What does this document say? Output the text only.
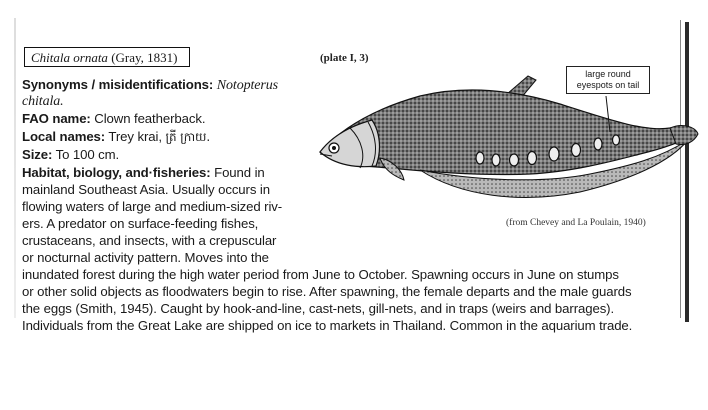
Chitala ornata (Gray, 1831)	(plate I, 3)
large round
eyespots on tail
(from Chevey and La Poulain, 1940)
Synonyms / misidentifications: Notopterus
chitala.
FAO name: Clown featherback.
Local names: Trey krai, ត្រី ក្រាយ.
Size: To 100 cm.
Habitat, biology, and·fisheries: Found in
mainland Southeast Asia. Usually occurs in
flowing waters of large and medium-sized riv-
ers. A predator on surface-feeding fishes,
crustaceans, and insects, with a crepuscular
or nocturnal activity pattern. Moves into the
inundated forest during the high water period from June to October. Spawning occurs in June on stumps
or other solid objects as floodwaters begin to rise. After spawning, the female departs and the male guards
the eggs (Smith, 1945). Caught by hook-and-line, cast-nets, gill-nets, and in traps (weirs and barrages).
Individuals from the Great Lake are shipped on ice to markets in Thailand. Common in the aquarium trade.
